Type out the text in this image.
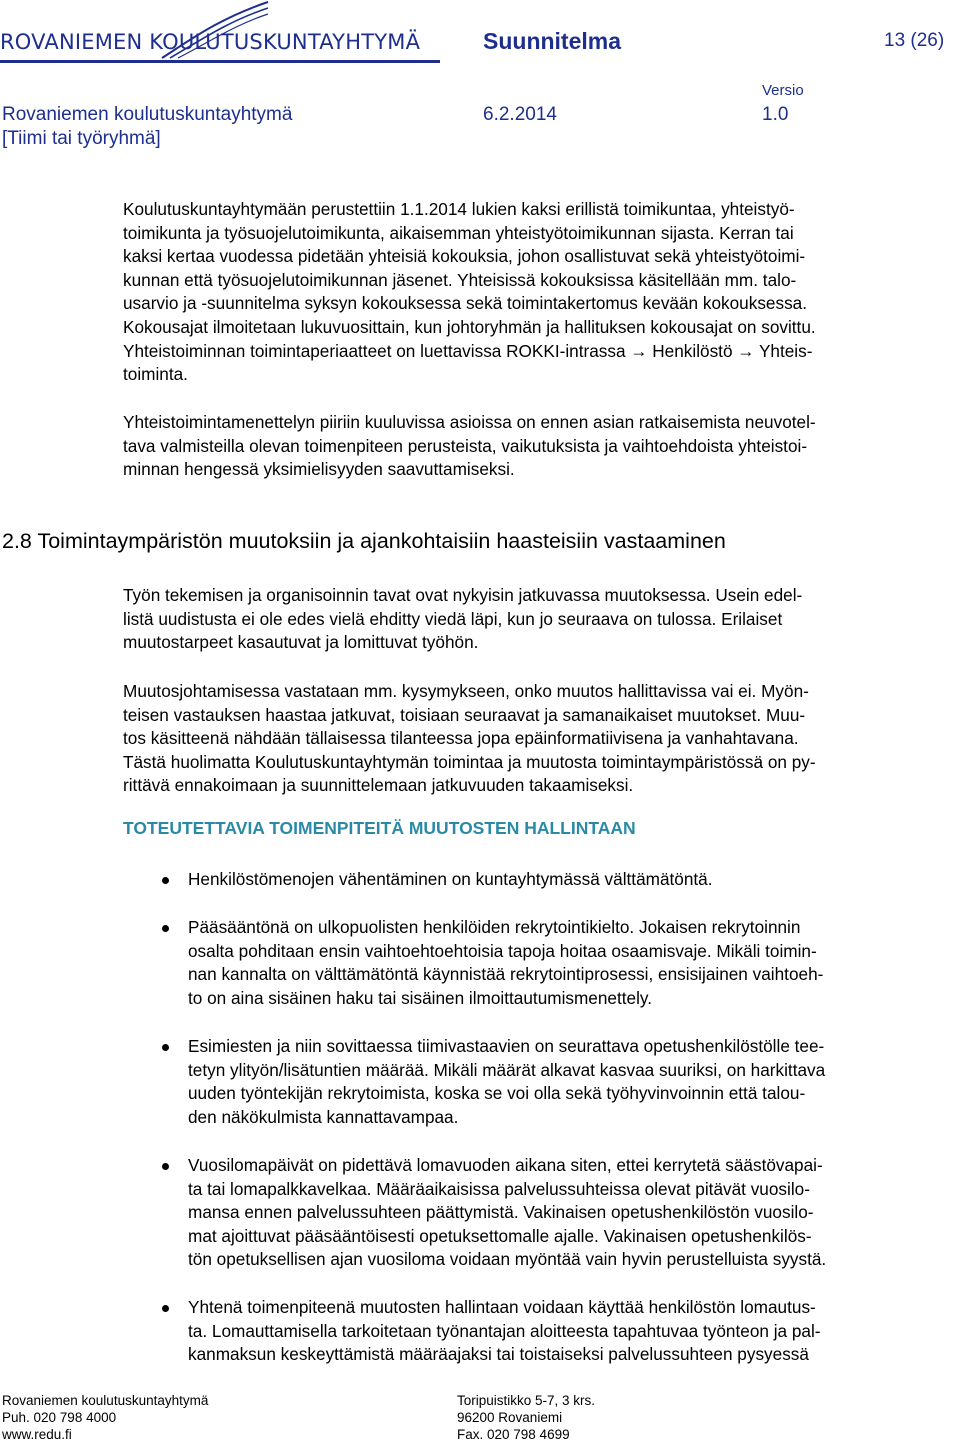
ROVANIEMEN KOULUTUSKUNTAYHTYMÄ	Suunnitelma	13 (26)
Versio
Rovaniemen koulutuskuntayhtymä	6.2.2014	1.0
[Tiimi tai työryhmä]
Koulutuskuntayhtymään perustettiin 1.1.2014 lukien kaksi erillistä toimikuntaa, yhteistyö-
toimikunta ja työsuojelutoimikunta, aikaisemman yhteistyötoimikunnan sijasta. Kerran tai
kaksi kertaa vuodessa pidetään yhteisiä kokouksia, johon osallistuvat sekä yhteistyötoimi-
kunnan että työsuojelutoimikunnan jäsenet. Yhteisissä kokouksissa käsitellään mm. talo-
usarvio ja -suunnitelma syksyn kokouksessa sekä toimintakertomus kevään kokouksessa.
Kokousajat ilmoitetaan lukuvuosittain, kun johtoryhmän ja hallituksen kokousajat on sovittu.
Yhteistoiminnan toimintaperiaatteet on luettavissa ROKKI-intrassa → Henkilöstö → Yhteis-
toiminta.
Yhteistoimintamenettelyn piiriin kuuluvissa asioissa on ennen asian ratkaisemista neuvotel-
tava valmisteilla olevan toimenpiteen perusteista, vaikutuksista ja vaihtoehdoista yhteistoi-
minnan hengessä yksimielisyyden saavuttamiseksi.
2.8 Toimintaympäristön muutoksiin ja ajankohtaisiin haasteisiin vastaaminen
Työn tekemisen ja organisoinnin tavat ovat nykyisin jatkuvassa muutoksessa. Usein edel-
listä uudistusta ei ole edes vielä ehditty viedä läpi, kun jo seuraava on tulossa. Erilaiset
muutostarpeet kasautuvat ja lomittuvat työhön.
Muutosjohtamisessa vastataan mm. kysymykseen, onko muutos hallittavissa vai ei. Myön-
teisen vastauksen haastaa jatkuvat, toisiaan seuraavat ja samanaikaiset muutokset. Muu-
tos käsitteenä nähdään tällaisessa tilanteessa jopa epäinformatiivisena ja vanhahtavana.
Tästä huolimatta Koulutuskuntayhtymän toimintaa ja muutosta toimintaympäristössä on py-
rittävä ennakoimaan ja suunnittelemaan jatkuvuuden takaamiseksi.
TOTEUTETTAVIA TOIMENPITEITÄ MUUTOSTEN HALLINTAAN
Henkilöstömenojen vähentäminen on kuntayhtymässä välttämätöntä.
Pääsääntönä on ulkopuolisten henkilöiden rekrytointikielto. Jokaisen rekrytoinnin
osalta pohditaan ensin vaihtoehtoehtoisia tapoja hoitaa osaamisvaje. Mikäli toimin-
nan kannalta on välttämätöntä käynnistää rekrytointiprosessi, ensisijainen vaihtoeh-
to on aina sisäinen haku tai sisäinen ilmoittautumismenettely.
Esimiesten ja niin sovittaessa tiimivastaavien on seurattava opetushenkilöstölle tee-
tetyn ylityön/lisätuntien määrää. Mikäli määrät alkavat kasvaa suuriksi, on harkittava
uuden työntekijän rekrytoimista, koska se voi olla sekä työhyvinvoinnin että talou-
den näkökulmista kannattavampaa.
Vuosilomapäivät on pidettävä lomavuoden aikana siten, ettei kerrytetä säästövapai-
ta tai lomapalkkavelkaa. Määräaikaisissa palvelussuhteissa olevat pitävät vuosilo-
mansa ennen palvelussuhteen päättymistä. Vakinaisen opetushenkilöstön vuosilo-
mat ajoittuvat pääsääntöisesti opetuksettomalle ajalle. Vakinaisen opetushenkilös-
tön opetuksellisen ajan vuosiloma voidaan myöntää vain hyvin perustelluista syystä.
Yhtenä toimenpiteenä muutosten hallintaan voidaan käyttää henkilöstön lomautus-
ta. Lomauttamisella tarkoitetaan työnantajan aloitteesta tapahtuvaa työnteon ja pal-
kanmaksun keskeyttämistä määräajaksi tai toistaiseksi palvelussuhteen pysyessä
Rovaniemen koulutuskuntayhtymä
Puh. 020 798 4000
www.redu.fi
Toripuistikko 5-7, 3 krs.
96200 Rovaniemi
Fax. 020 798 4699
